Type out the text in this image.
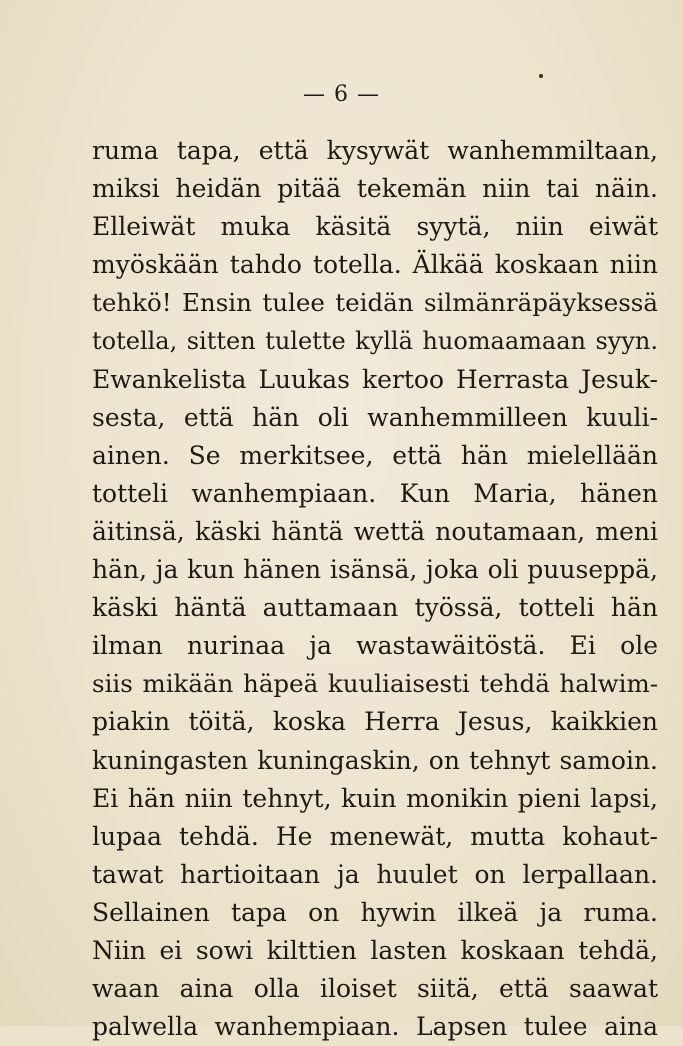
— 6 —
ruma tapa, että kysywät wanhemmiltaan,
miksi heidän pitää tekemän niin tai näin.
Elleiwät muka käsitä syytä, niin eiwät
myöskään tahdo totella. Älkää koskaan niin
tehkö! Ensin tulee teidän silmänräpäyksessä
totella, sitten tulette kyllä huomaamaan syyn.
Ewankelista Luukas kertoo Herrasta Jesuk-
sesta, että hän oli wanhemmilleen kuuli-
ainen. Se merkitsee, että hän mielellään
totteli wanhempiaan. Kun Maria, hänen
äitinsä, käski häntä wettä noutamaan, meni
hän, ja kun hänen isänsä, joka oli puuseppä,
käski häntä auttamaan työssä, totteli hän
ilman nurinaa ja wastawäitöstä. Ei ole
siis mikään häpeä kuuliaisesti tehdä halwim-
piakin töitä, koska Herra Jesus, kaikkien
kuningasten kuningaskin, on tehnyt samoin.
Ei hän niin tehnyt, kuin monikin pieni lapsi,
lupaa tehdä. He menewät, mutta kohaut-
tawat hartioitaan ja huulet on lerpallaan.
Sellainen tapa on hywin ilkeä ja ruma.
Niin ei sowi kilttien lasten koskaan tehdä,
waan aina olla iloiset siitä, että saawat
palwella wanhempiaan. Lapsen tulee aina
